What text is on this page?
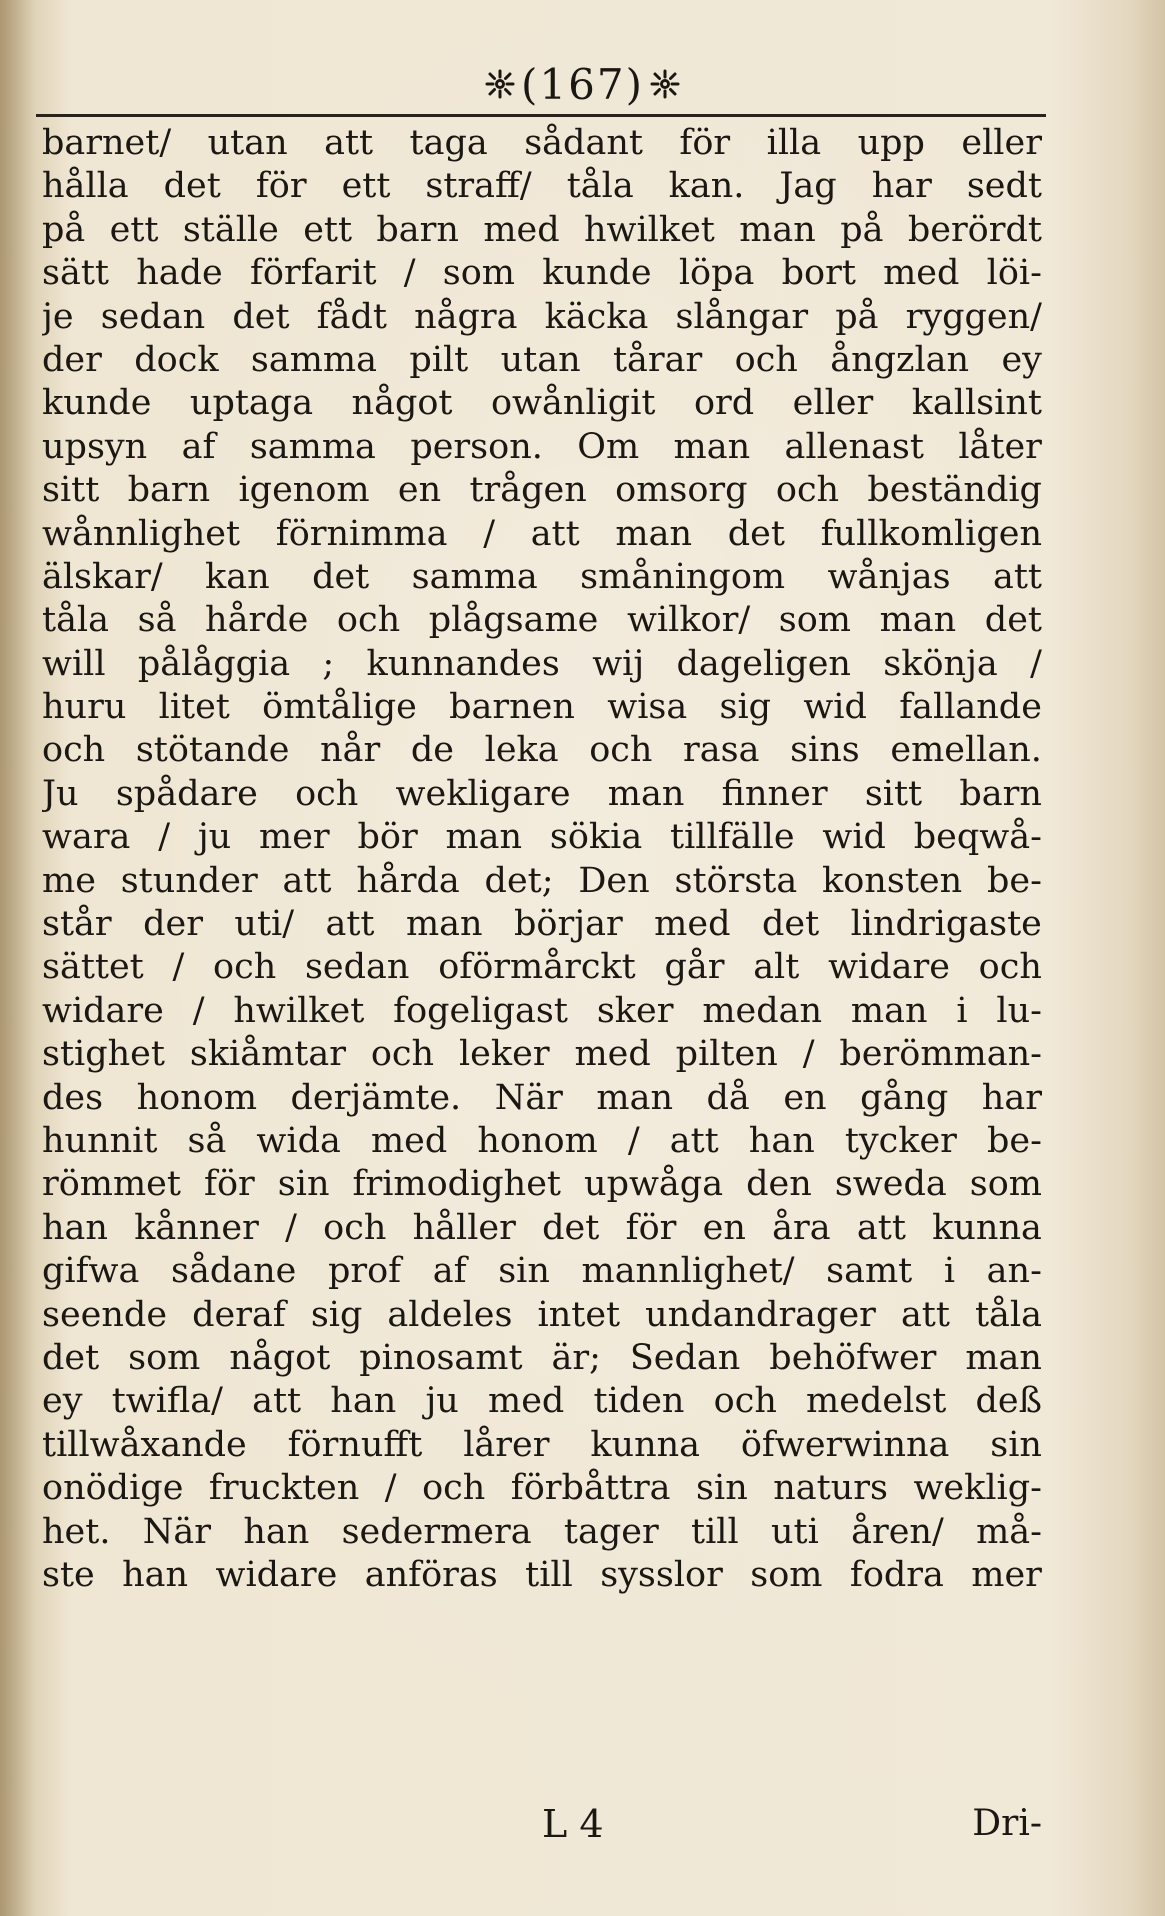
(167)
barnet/ utan att taga sådant för illa upp eller
hålla det för ett straff/ tåla kan. Jag har sedt
på ett ställe ett barn med hwilket man på berördt
sätt hade förfarit / som kunde löpa bort med löi-
je sedan det fådt några käcka slångar på ryggen/
der dock samma pilt utan tårar och ångzlan ey
kunde uptaga något owånligit ord eller kallsint
upsyn af samma person. Om man allenast låter
sitt barn igenom en trågen omsorg och beständig
wånnlighet förnimma / att man det fullkomligen
älskar/ kan det samma småningom wånjas att
tåla så hårde och plågsame wilkor/ som man det
will pålåggia ; kunnandes wij dageligen skönja /
huru litet ömtålige barnen wisa sig wid fallande
och stötande når de leka och rasa sins emellan.
Ju spådare och wekligare man finner sitt barn
wara / ju mer bör man sökia tillfälle wid beqwå-
me stunder att hårda det; Den största konsten be-
står der uti/ att man börjar med det lindrigaste
sättet / och sedan oförmårckt går alt widare och
widare / hwilket fogeligast sker medan man i lu-
stighet skiåmtar och leker med pilten / berömman-
des honom derjämte. När man då en gång har
hunnit så wida med honom / att han tycker be-
römmet för sin frimodighet upwåga den sweda som
han kånner / och håller det för en åra att kunna
gifwa sådane prof af sin mannlighet/ samt i an-
seende deraf sig aldeles intet undandrager att tåla
det som något pinosamt är; Sedan behöfwer man
ey twifla/ att han ju med tiden och medelst deß
tillwåxande förnufft lårer kunna öfwerwinna sin
onödige fruckten / och förbåttra sin naturs weklig-
het. När han sedermera tager till uti åren/ må-
ste han widare anföras till sysslor som fodra mer
L 4	Dri-
